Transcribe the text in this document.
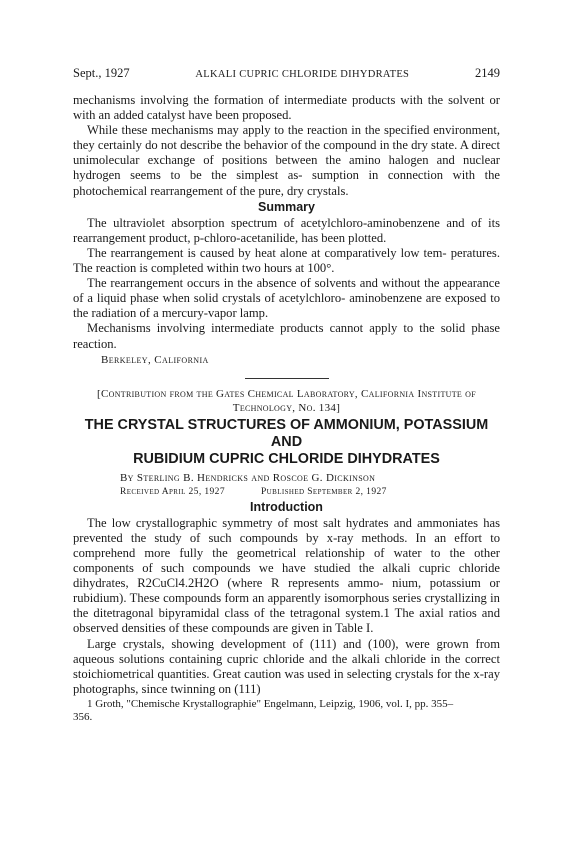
Sept., 1927	ALKALI CUPRIC CHLORIDE DIHYDRATES	2149

mechanisms involving the formation of intermediate products with the solvent or with an added catalyst have been proposed.

While these mechanisms may apply to the reaction in the specified environment, they certainly do not describe the behavior of the compound in the dry state. A direct unimolecular exchange of positions between the amino halogen and nuclear hydrogen seems to be the simplest as- sumption in connection with the photochemical rearrangement of the pure, dry crystals.

Summary

The ultraviolet absorption spectrum of acetylchloro-aminobenzene and of its rearrangement product, p-chloro-acetanilide, has been plotted.

The rearrangement is caused by heat alone at comparatively low tem- peratures. The reaction is completed within two hours at 100°.

The rearrangement occurs in the absence of solvents and without the appearance of a liquid phase when solid crystals of acetylchloro- aminobenzene are exposed to the radiation of a mercury-vapor lamp.

Mechanisms involving intermediate products cannot apply to the solid phase reaction.

Berkeley, California
[Contribution from the Gates Chemical Laboratory, California Institute of
Technology, No. 134]
THE CRYSTAL STRUCTURES OF AMMONIUM, POTASSIUM AND
RUBIDIUM CUPRIC CHLORIDE DIHYDRATES
By Sterling B. Hendricks and Roscoe G. Dickinson
Received April 25, 1927	Published September 2, 1927
Introduction

The low crystallographic symmetry of most salt hydrates and ammoniates has prevented the study of such compounds by x-ray methods. In an effort to comprehend more fully the geometrical relationship of water to the other components of such compounds we have studied the alkali cupric chloride dihydrates, R2CuCl4.2H2O (where R represents ammo- nium, potassium or rubidium). These compounds form an apparently isomorphous series crystallizing in the ditetragonal bipyramidal class of the tetragonal system.1 The axial ratios and observed densities of these compounds are given in Table I.

Large crystals, showing development of (111) and (100), were grown from aqueous solutions containing cupric chloride and the alkali chloride in the correct stoichiometrical quantities. Great caution was used in selecting crystals for the x-ray photographs, since twinning on (111)

1 Groth, "Chemische Krystallographie" Engelmann, Leipzig, 1906, vol. I, pp. 355–
356.
